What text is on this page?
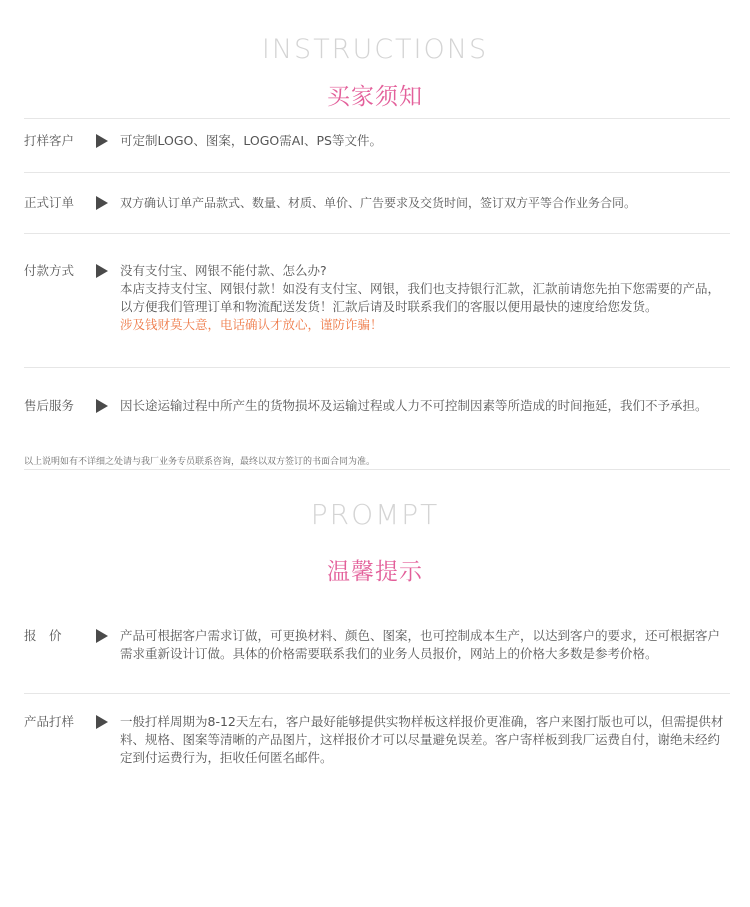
INSTRUCTIONS
买家须知
打样客户	可定制LOGO、图案，LOGO需AI、PS等文件。
正式订单	双方确认订单产品款式、数量、材质、单价、广告要求及交货时间，签订双方平等合作业务合同。
付款方式	没有支付宝、网银不能付款、怎么办?
本店支持支付宝、网银付款！如没有支付宝、网银，我们也支持银行汇款，汇款前请您先拍下您需要的产品，以方便我们管理订单和物流配送发货！汇款后请及时联系我们的客服以便用最快的速度给您发货。
涉及钱财莫大意，电话确认才放心，谨防诈骗！
售后服务	因长途运输过程中所产生的货物损坏及运输过程或人力不可控制因素等所造成的时间拖延，我们不予承担。
以上说明如有不详细之处请与我厂业务专员联系咨询，最终以双方签订的书面合同为准。
PROMPT
温馨提示
报　价	产品可根据客户需求订做，可更换材料、颜色、图案，也可控制成本生产，以达到客户的要求，还可根据客户需求重新设计订做。具体的价格需要联系我们的业务人员报价，网站上的价格大多数是参考价格。
产品打样	一般打样周期为8-12天左右，客户最好能够提供实物样板这样报价更准确，客户来图打版也可以，但需提供材料、规格、图案等清晰的产品图片，这样报价才可以尽量避免误差。客户寄样板到我厂运费自付，谢绝未经约定到付运费行为，拒收任何匿名邮件。
